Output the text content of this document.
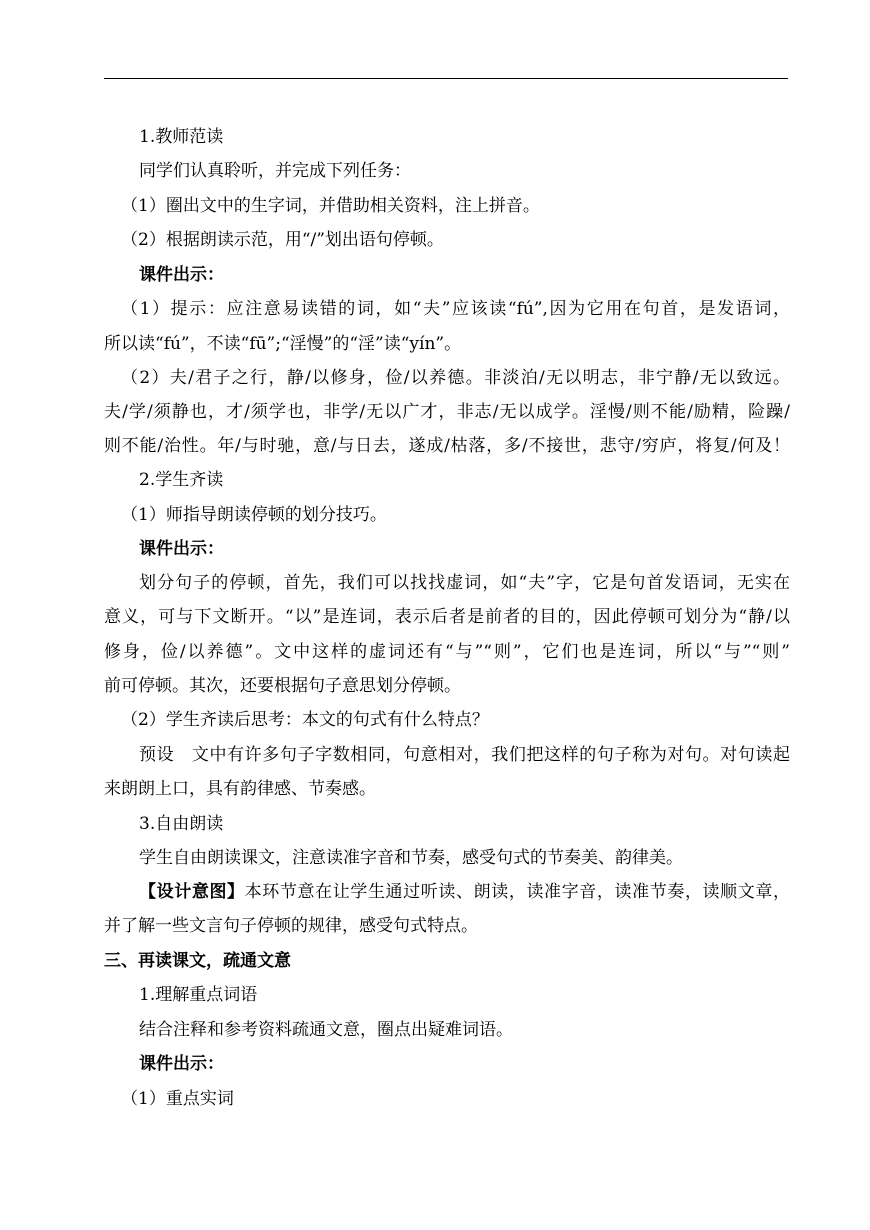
1.教师范读
同学们认真聆听，并完成下列任务：
（1）圈出文中的生字词，并借助相关资料，注上拼音。
（2）根据朗读示范，用“/”划出语句停顿。
课件出示：
（1）提示：应注意易读错的词，如“夫”应该读“fú”,因为它用在句首，是发语词，
所以读“fú”，不读“fū”;“淫慢”的“淫”读“yín”。
（2）夫/君子之行，静/以修身，俭/以养德。非淡泊/无以明志，非宁静/无以致远。
夫/学/须静也，才/须学也，非学/无以广才，非志/无以成学。淫慢/则不能/励精，险躁/
则不能/治性。年/与时驰，意/与日去，遂成/枯落，多/不接世，悲守/穷庐，将复/何及！
2.学生齐读
（1）师指导朗读停顿的划分技巧。
课件出示：
划分句子的停顿，首先，我们可以找找虚词，如“夫”字，它是句首发语词，无实在
意义，可与下文断开。“以”是连词，表示后者是前者的目的，因此停顿可划分为“静/以
修身，俭/以养德”。文中这样的虚词还有“与”“则”，它们也是连词，所以“与”“则”
前可停顿。其次，还要根据句子意思划分停顿。
（2）学生齐读后思考：本文的句式有什么特点？
预设　文中有许多句子字数相同，句意相对，我们把这样的句子称为对句。对句读起
来朗朗上口，具有韵律感、节奏感。
3.自由朗读
学生自由朗读课文，注意读准字音和节奏，感受句式的节奏美、韵律美。
【设计意图】本环节意在让学生通过听读、朗读，读准字音，读准节奏，读顺文章，
并了解一些文言句子停顿的规律，感受句式特点。
三、再读课文，疏通文意
1.理解重点词语
结合注释和参考资料疏通文意，圈点出疑难词语。
课件出示：
（1）重点实词
